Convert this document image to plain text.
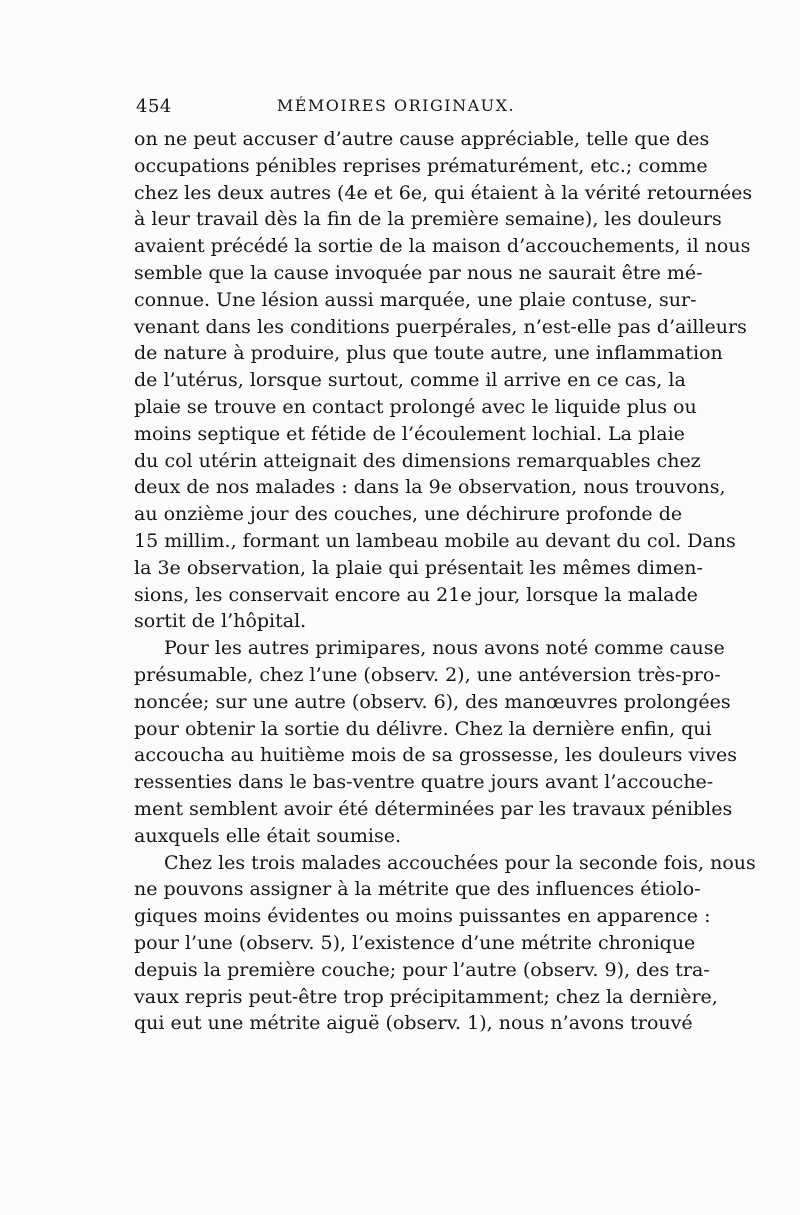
454	MÉMOIRES ORIGINAUX.
on ne peut accuser d’autre cause appréciable, telle que des
occupations pénibles reprises prématurément, etc.; comme
chez les deux autres (4e et 6e, qui étaient à la vérité retournées
à leur travail dès la fin de la première semaine), les douleurs
avaient précédé la sortie de la maison d’accouchements, il nous
semble que la cause invoquée par nous ne saurait être mé-
connue. Une lésion aussi marquée, une plaie contuse, sur-
venant dans les conditions puerpérales, n’est-elle pas d’ailleurs
de nature à produire, plus que toute autre, une inflammation
de l’utérus, lorsque surtout, comme il arrive en ce cas, la
plaie se trouve en contact prolongé avec le liquide plus ou
moins septique et fétide de l’écoulement lochial. La plaie
du col utérin atteignait des dimensions remarquables chez
deux de nos malades : dans la 9e observation, nous trouvons,
au onzième jour des couches, une déchirure profonde de
15 millim., formant un lambeau mobile au devant du col. Dans
la 3e observation, la plaie qui présentait les mêmes dimen-
sions, les conservait encore au 21e jour, lorsque la malade
sortit de l’hôpital.
Pour les autres primipares, nous avons noté comme cause
présumable, chez l’une (observ. 2), une antéversion très-pro-
noncée; sur une autre (observ. 6), des manœuvres prolongées
pour obtenir la sortie du délivre. Chez la dernière enfin, qui
accoucha au huitième mois de sa grossesse, les douleurs vives
ressenties dans le bas-ventre quatre jours avant l’accouche-
ment semblent avoir été déterminées par les travaux pénibles
auxquels elle était soumise.
Chez les trois malades accouchées pour la seconde fois, nous
ne pouvons assigner à la métrite que des influences étiolo-
giques moins évidentes ou moins puissantes en apparence :
pour l’une (observ. 5), l’existence d’une métrite chronique
depuis la première couche; pour l’autre (observ. 9), des tra-
vaux repris peut-être trop précipitamment; chez la dernière,
qui eut une métrite aiguë (observ. 1), nous n’avons trouvé
